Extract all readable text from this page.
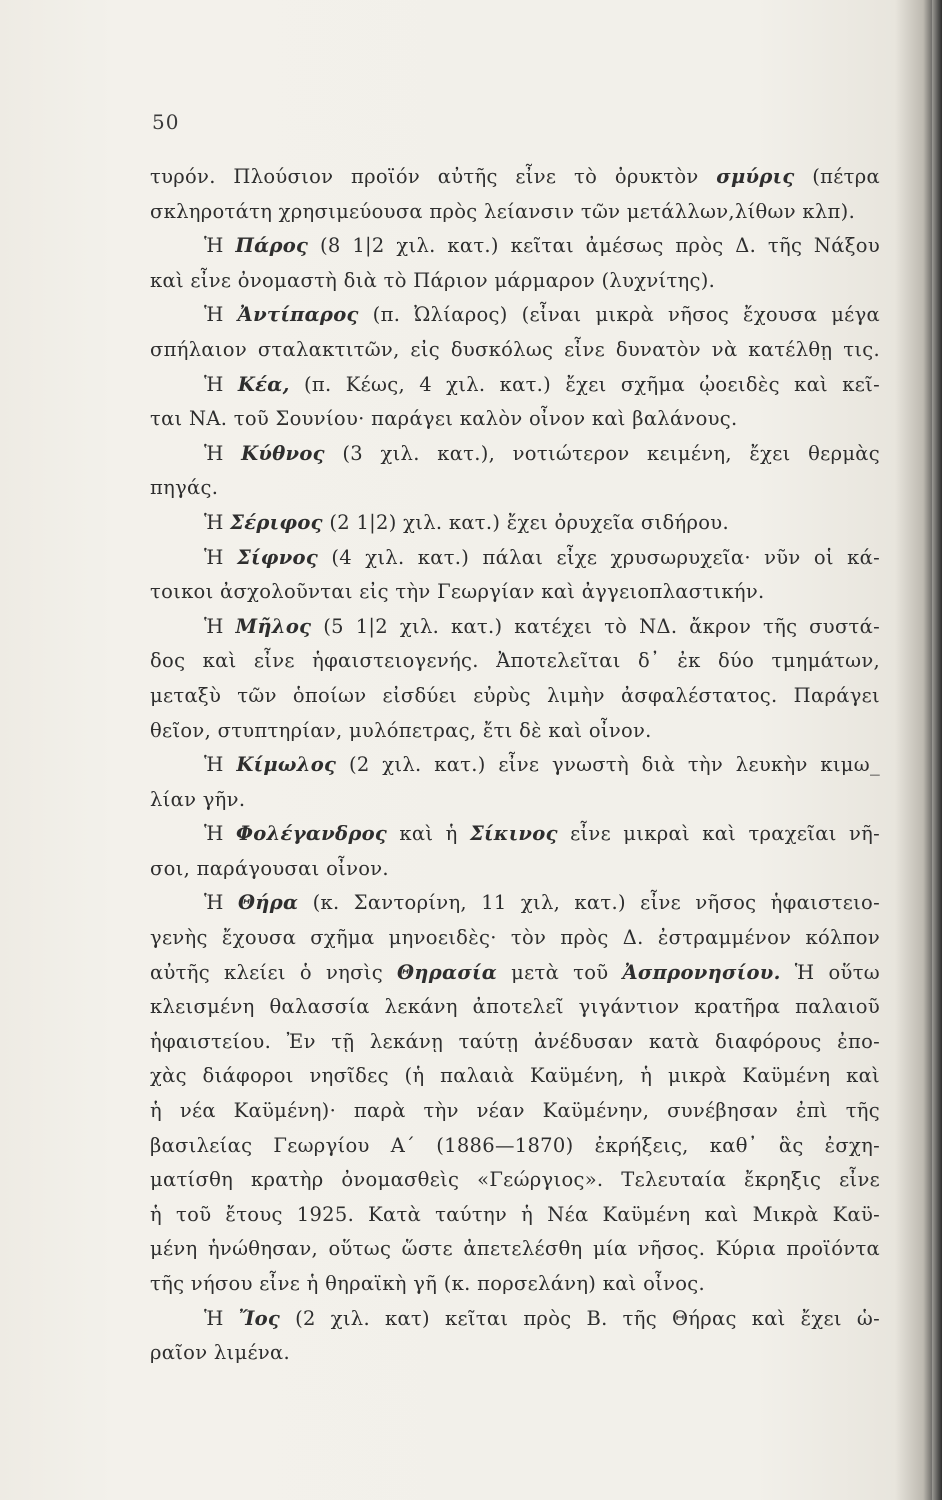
50
τυρόν. Πλούσιον προϊόν αὐτῆς εἶνε τὸ ὀρυκτὸν σμύρις (πέτρα
σκληροτάτη χρησιμεύουσα πρὸς λείανσιν τῶν μετάλλων,λίθων κλπ).
Ἡ Πάρος (8 1|2 χιλ. κατ.) κεῖται ἀμέσως πρὸς Δ. τῆς Νάξου
καὶ εἶνε ὀνομαστὴ διὰ τὸ Πάριον μάρμαρον (λυχνίτης).
Ἡ Ἀντίπαρος (π. Ὠλίαρος) (εἶναι μικρὰ νῆσος ἔχουσα μέγα
σπήλαιον σταλακτιτῶν, εἰς δυσκόλως εἶνε δυνατὸν νὰ κατέλθῃ τις.
Ἡ Κέα, (π. Κέως, 4 χιλ. κατ.) ἔχει σχῆμα ᾠοειδὲς καὶ κεῖ-
ται ΝΑ. τοῦ Σουνίου· παράγει καλὸν οἶνον καὶ βαλάνους.
Ἡ Κύθνος (3 χιλ. κατ.), νοτιώτερον κειμένη, ἔχει θερμὰς
πηγάς.
Ἡ Σέριφος (2 1|2) χιλ. κατ.) ἔχει ὀρυχεῖα σιδήρου.
Ἡ Σίφνος (4 χιλ. κατ.) πάλαι εἶχε χρυσωρυχεῖα· νῦν οἱ κά-
τοικοι ἀσχολοῦνται εἰς τὴν Γεωργίαν καὶ ἀγγειοπλαστικήν.
Ἡ Μῆλος (5 1|2 χιλ. κατ.) κατέχει τὸ ΝΔ. ἄκρον τῆς συστά-
δος καὶ εἶνε ἡφαιστειογενής. Ἀποτελεῖται δ᾽ ἐκ δύο τμημάτων,
μεταξὺ τῶν ὁποίων εἰσδύει εὐρὺς λιμὴν ἀσφαλέστατος. Παράγει
θεῖον, στυπτηρίαν, μυλόπετρας, ἔτι δὲ καὶ οἶνον.
Ἡ Κίμωλος (2 χιλ. κατ.) εἶνε γνωστὴ διὰ τὴν λευκὴν κιμω_
λίαν γῆν.
Ἡ Φολέγανδρος καὶ ἡ Σίκινος εἶνε μικραὶ καὶ τραχεῖαι νῆ-
σοι, παράγουσαι οἶνον.
Ἡ Θήρα (κ. Σαντορίνη, 11 χιλ, κατ.) εἶνε νῆσος ἡφαιστειο-
γενὴς ἔχουσα σχῆμα μηνοειδὲς· τὸν πρὸς Δ. ἐστραμμένον κόλπον
αὐτῆς κλείει ὁ νησὶς Θηρασία μετὰ τοῦ Ἀσπρονησίου. Ἡ οὕτω
κλεισμένη θαλασσία λεκάνη ἀποτελεῖ γιγάντιον κρατῆρα παλαιοῦ
ἡφαιστείου. Ἐν τῇ λεκάνῃ ταύτῃ ἀνέδυσαν κατὰ διαφόρους ἐπο-
χὰς διάφοροι νησῖδες (ἡ παλαιὰ Καϋμένη, ἡ μικρὰ Καϋμένη καὶ
ἡ νέα Καϋμένη)· παρὰ τὴν νέαν Καϋμένην, συνέβησαν ἐπὶ τῆς
βασιλείας Γεωργίου Α΄ (1886—1870) ἐκρήξεις, καθ᾽ ἃς ἐσχη-
ματίσθη κρατὴρ ὀνομασθεὶς «Γεώργιος». Τελευταία ἔκρηξις εἶνε
ἡ τοῦ ἔτους 1925. Κατὰ ταύτην ἡ Νέα Καϋμένη καὶ Μικρὰ Καϋ-
μένη ἡνώθησαν, οὕτως ὥστε ἀπετελέσθη μία νῆσος. Κύρια προϊόντα
τῆς νήσου εἶνε ἡ θηραϊκὴ γῆ (κ. πορσελάνη) καὶ οἶνος.
Ἡ Ἴος (2 χιλ. κατ) κεῖται πρὸς Β. τῆς Θήρας καὶ ἔχει ὡ-
ραῖον λιμένα.
